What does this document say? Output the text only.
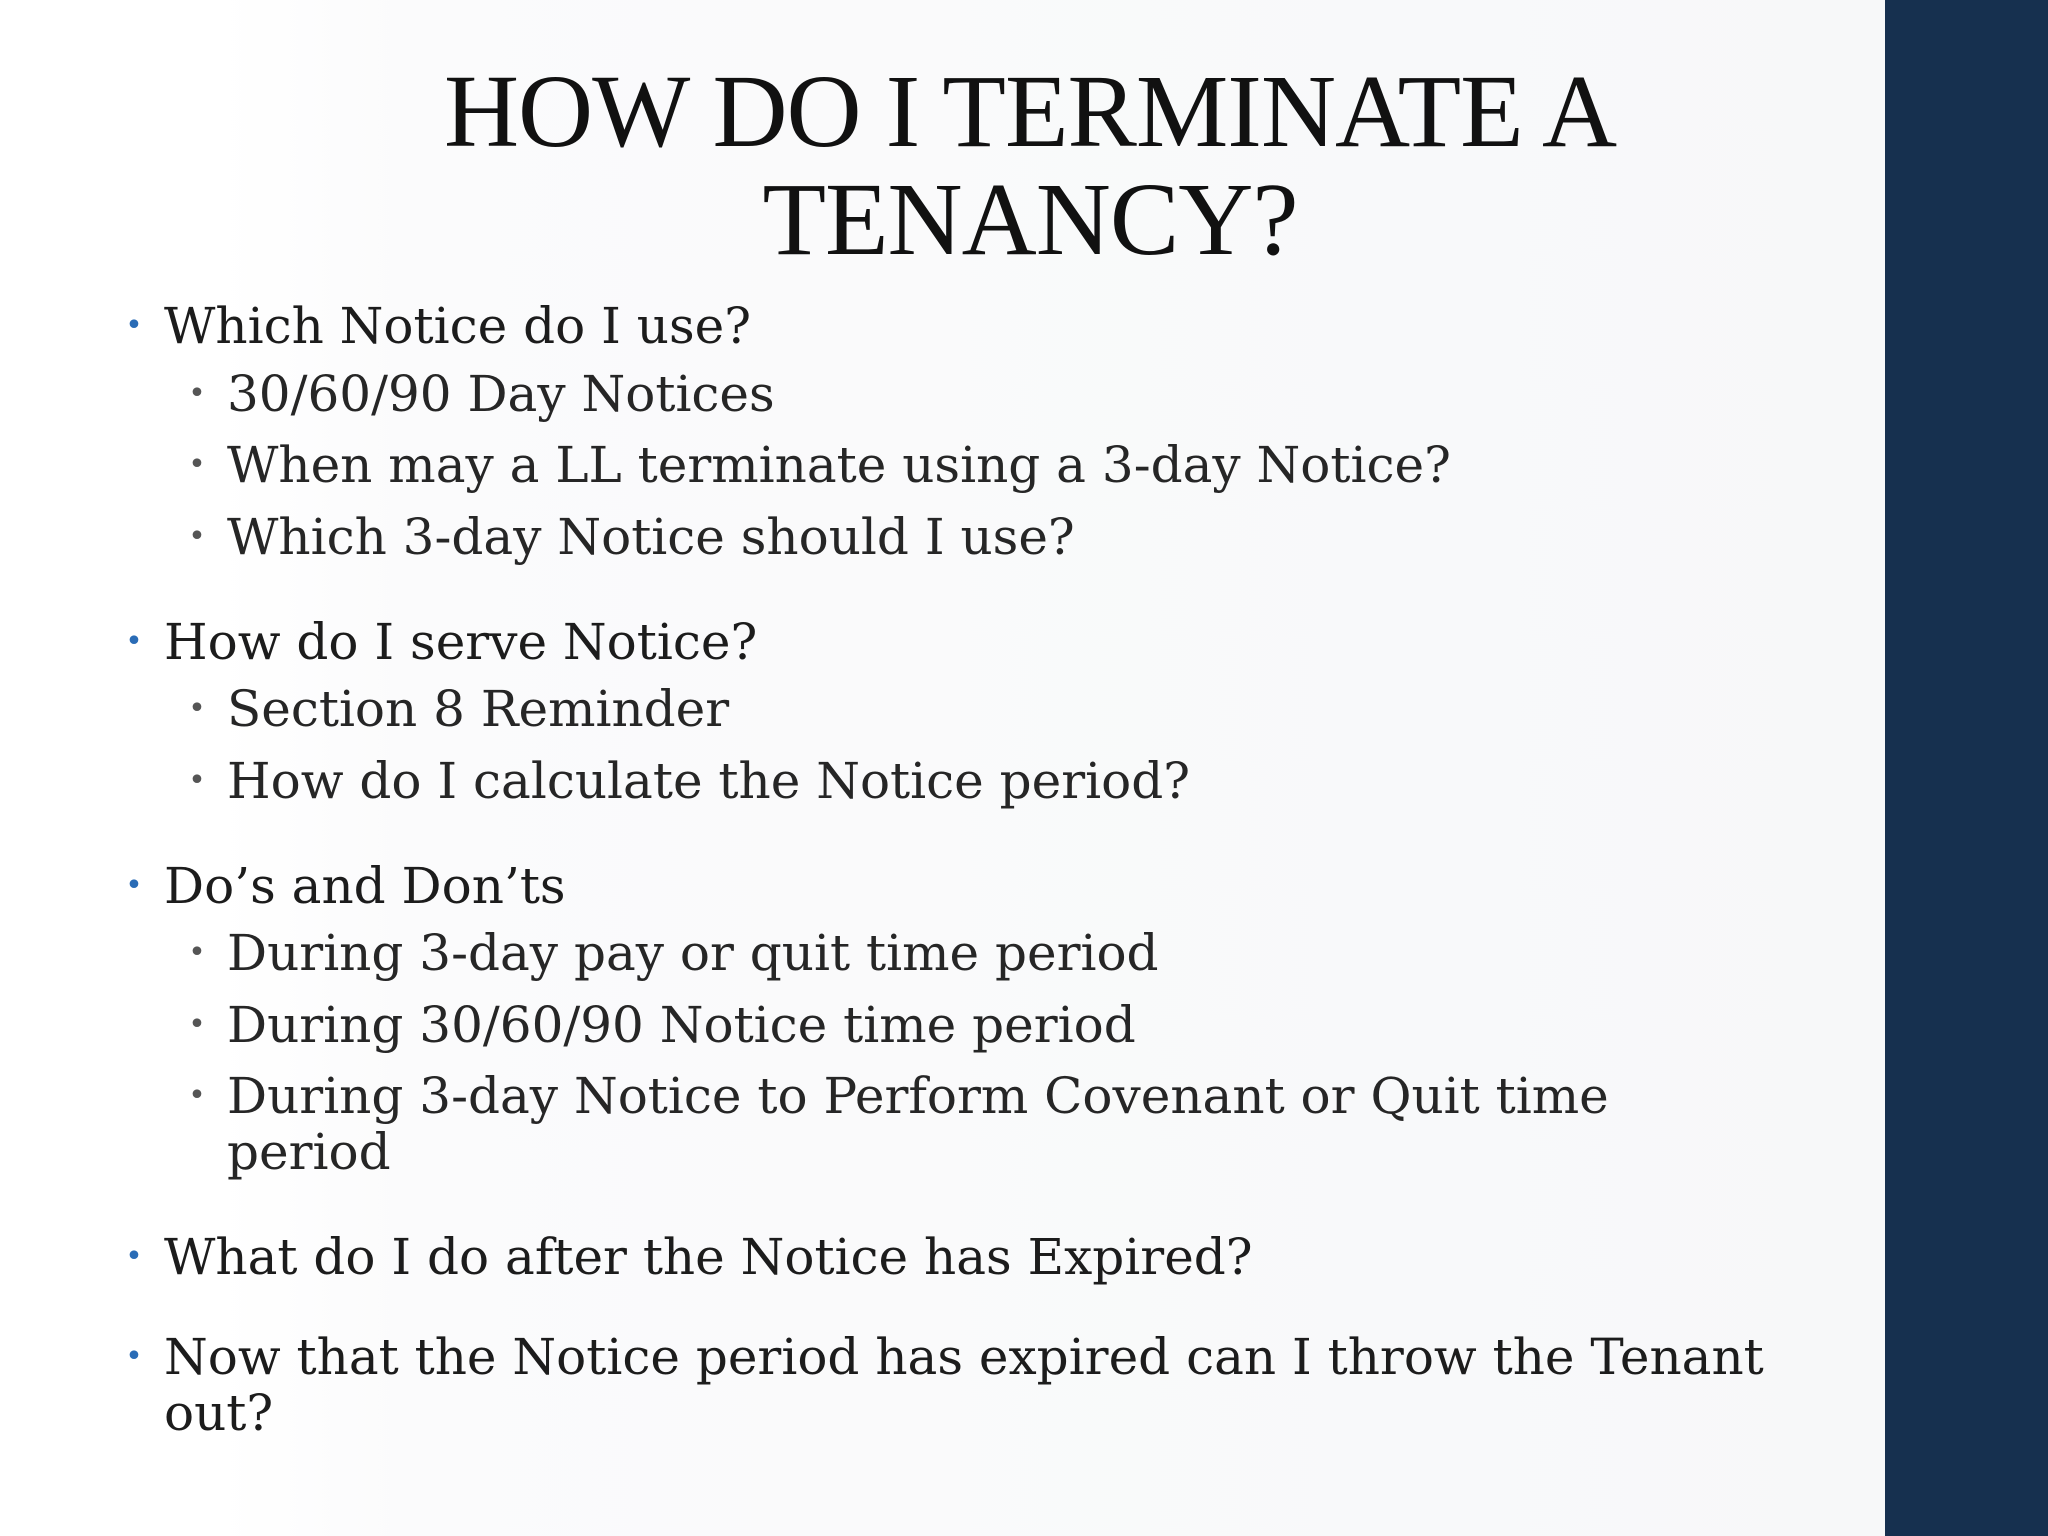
HOW DO I TERMINATE A TENANCY?
• Which Notice do I use?
• 30/60/90 Day Notices
• When may a LL terminate using a 3-day Notice?
• Which 3-day Notice should I use?
• How do I serve Notice?
• Section 8 Reminder
• How do I calculate the Notice period?
• Do’s and Don’ts
• During 3-day pay or quit time period
• During 30/60/90 Notice time period
• During 3-day Notice to Perform Covenant or Quit time period
• What do I do after the Notice has Expired?
• Now that the Notice period has expired can I throw the Tenant out?
